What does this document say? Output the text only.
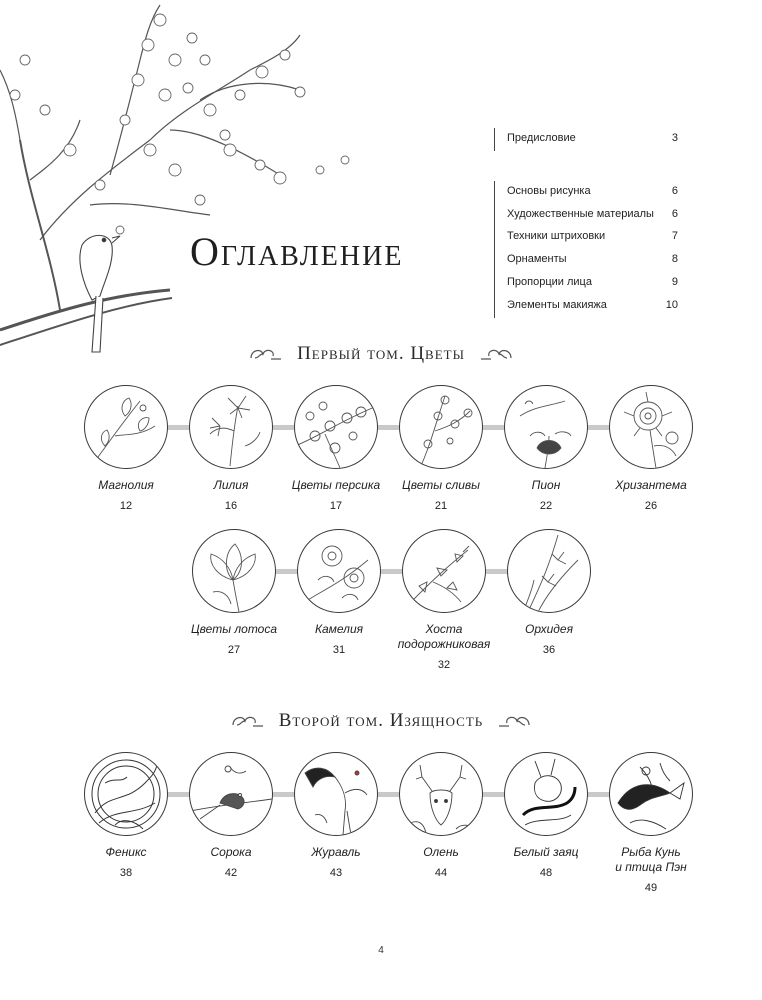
Оглавление
Предисловие	3
Основы рисунка	6
Художественные материалы 6
Техники штриховки	7
Орнаменты	8
Пропорции лица	9
Элементы макияжа	10
Первый том. Цветы
Магнолия
12
Лилия
16
Цветы персика
17
Цветы сливы
21
Пион
22
Хризантема
26
Цветы лотоса
27
Камелия
31
Хоста
подорожниковая
32
Орхидея
36
Второй том. Изящность
Феникс
38
Сорока
42
Журавль
43
Олень
44
Белый заяц
48
Рыба Кунь
и птица Пэн
49
4
